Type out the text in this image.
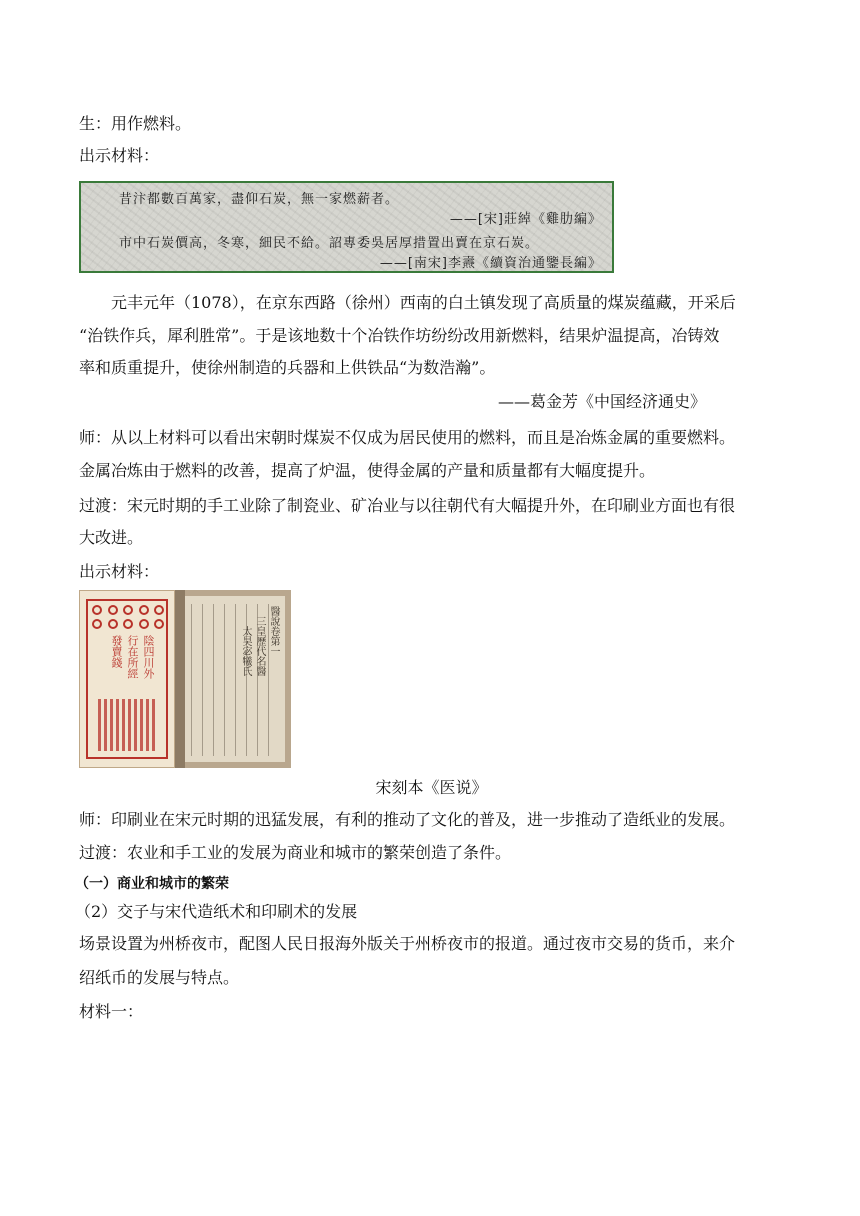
生：用作燃料。
出示材料：
昔汴都數百萬家，盡仰石炭，無一家燃薪者。
——[宋]莊綽《雞肋編》
市中石炭價高，冬寒，細民不給。詔專委吳居厚措置出賣在京石炭。
——[南宋]李燾《續資治通鑒長編》
元丰元年（1078），在京东西路（徐州）西南的白土镇发现了高质量的煤炭蕴藏，开采后
“治铁作兵，犀利胜常”。于是该地数十个冶铁作坊纷纷改用新燃料，结果炉温提高，冶铸效
率和质重提升，使徐州制造的兵器和上供铁品“为数浩瀚”。
——葛金芳《中国经济通史》
师：从以上材料可以看出宋朝时煤炭不仅成为居民使用的燃料，而且是冶炼金属的重要燃料。
金属冶炼由于燃料的改善，提高了炉温，使得金属的产量和质量都有大幅度提升。
过渡：宋元时期的手工业除了制瓷业、矿冶业与以往朝代有大幅提升外，在印刷业方面也有很
大改进。
出示材料：
陰四川外
行在所經
發賣錢	醫說卷第一
三皇歷代名醫
太昊宓犧氏
宋刻本《医说》
师：印刷业在宋元时期的迅猛发展，有利的推动了文化的普及，进一步推动了造纸业的发展。
过渡：农业和手工业的发展为商业和城市的繁荣创造了条件。
（一）商业和城市的繁荣
（2）交子与宋代造纸术和印刷术的发展
场景设置为州桥夜市，配图人民日报海外版关于州桥夜市的报道。通过夜市交易的货币，来介
绍纸币的发展与特点。
材料一：
